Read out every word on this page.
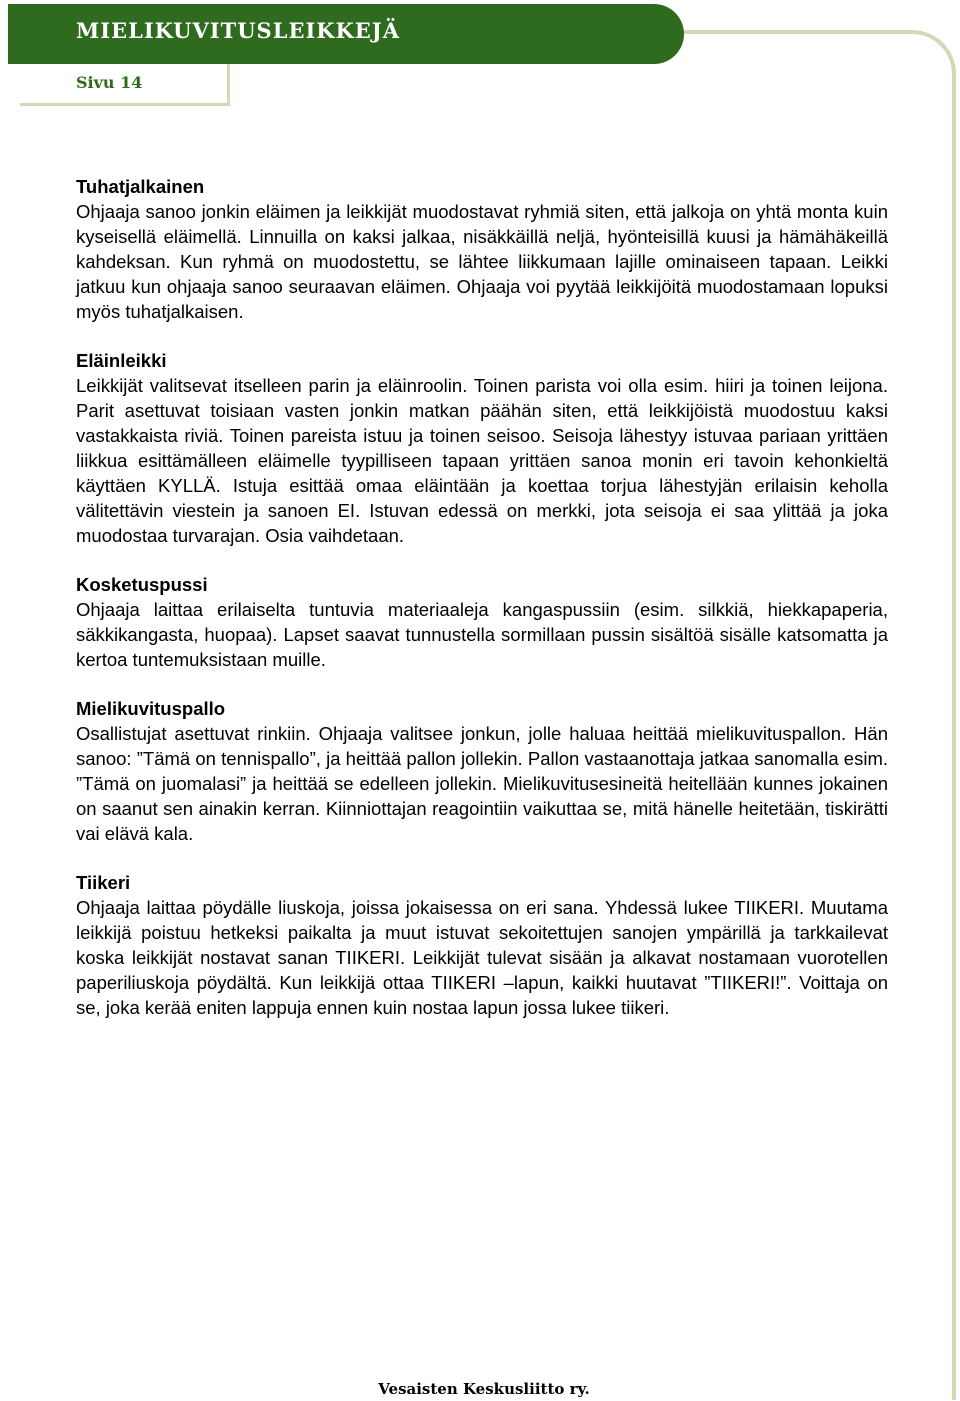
MIELIKUVITUSLEIKKEJÄ
Sivu 14

Tuhatjalkainen

Ohjaaja sanoo jonkin eläimen ja leikkijät muodostavat ryhmiä siten, että jalkoja on yhtä monta kuin kyseisellä eläimellä. Linnuilla on kaksi jalkaa, nisäkkäillä neljä, hyönteisillä kuusi ja hämähäkeillä kahdeksan. Kun ryhmä on muodostettu, se lähtee liikkumaan lajille ominaiseen tapaan. Leikki jatkuu kun ohjaaja sanoo seuraavan eläimen. Ohjaaja voi pyytää leikkijöitä muodostamaan lopuksi myös tuhatjalkaisen.

Eläinleikki

Leikkijät valitsevat itselleen parin ja eläinroolin. Toinen parista voi olla esim. hiiri ja toinen leijona. Parit asettuvat toisiaan vasten jonkin matkan päähän siten, että leikkijöistä muodostuu kaksi vastakkaista riviä. Toinen pareista istuu ja toinen seisoo. Seisoja lähestyy istuvaa pariaan yrittäen liikkua esittämälleen eläimelle tyypilliseen tapaan yrittäen sanoa monin eri tavoin kehonkieltä käyttäen KYLLÄ. Istuja esittää omaa eläintään ja koettaa torjua lähestyjän erilaisin keholla välitettävin viestein ja sanoen EI. Istuvan edessä on merkki, jota seisoja ei saa ylittää ja joka muodostaa turvarajan. Osia vaihdetaan.

Kosketuspussi

Ohjaaja laittaa erilaiselta tuntuvia materiaaleja kangaspussiin (esim. silkkiä, hiekkapaperia, säkkikangasta, huopaa). Lapset saavat tunnustella sormillaan pussin sisältöä sisälle katsomatta ja kertoa tuntemuksistaan muille.

Mielikuvituspallo

Osallistujat asettuvat rinkiin. Ohjaaja valitsee jonkun, jolle haluaa heittää mielikuvituspallon. Hän sanoo: ”Tämä on tennispallo”, ja heittää pallon jollekin. Pallon vastaanottaja jatkaa sanomalla esim. ”Tämä on juomalasi” ja heittää se edelleen jollekin. Mielikuvitusesineitä heitellään kunnes jokainen on saanut sen ainakin kerran. Kiinniottajan reagointiin vaikuttaa se, mitä hänelle heitetään, tiskirätti vai elävä kala.

Tiikeri

Ohjaaja laittaa pöydälle liuskoja, joissa jokaisessa on eri sana. Yhdessä lukee TIIKERI. Muutama leikkijä poistuu hetkeksi paikalta ja muut istuvat sekoitettujen sanojen ympärillä ja tarkkailevat koska leikkijät nostavat sanan TIIKERI. Leikkijät tulevat sisään ja alkavat nostamaan vuorotellen paperiliuskoja pöydältä. Kun leikkijä ottaa TIIKERI –lapun, kaikki huutavat ”TIIKERI!”. Voittaja on se, joka kerää eniten lappuja ennen kuin nostaa lapun jossa lukee tiikeri.

Vesaisten Keskusliitto ry.
